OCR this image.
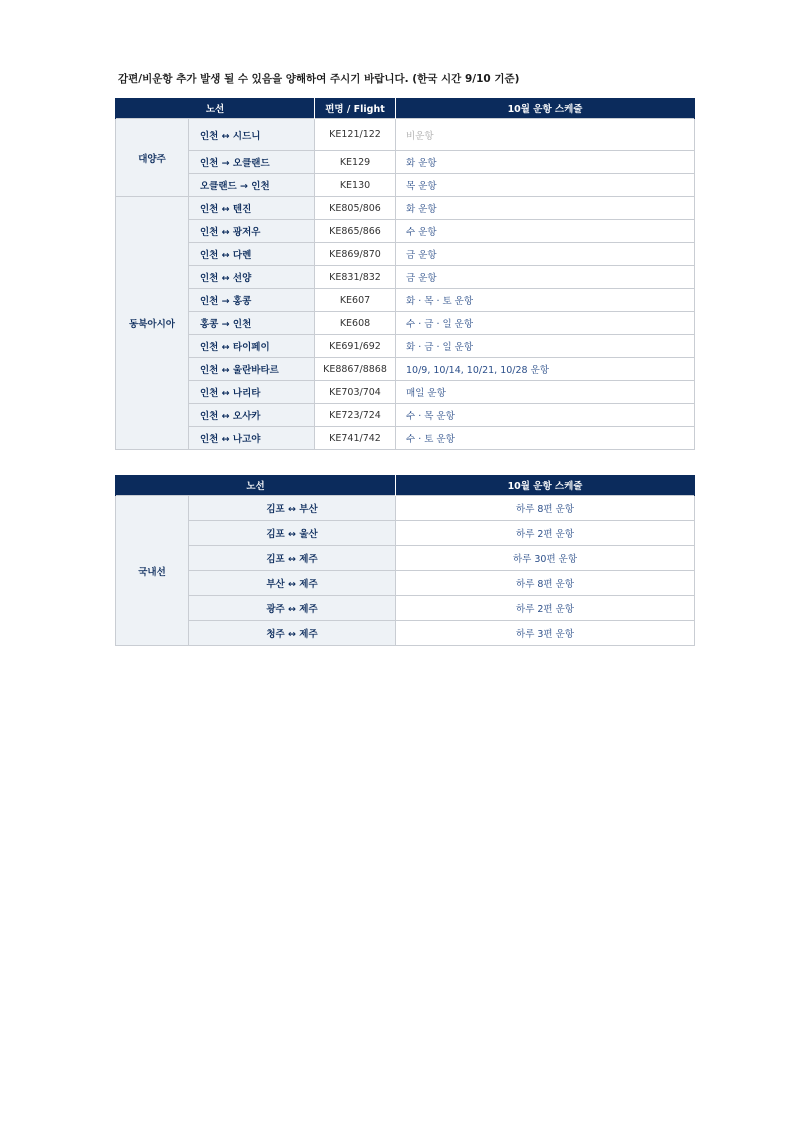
감편/비운항 추가 발생 될 수 있음을 양해하여 주시기 바랍니다. (한국 시간 9/10 기준)
노선		편명 / Flight	10월 운항 스케줄
대양주	인천 ↔ 시드니	KE121/122	비운항
	인천 → 오클랜드	KE129	화 운항
	오클랜드 → 인천	KE130	목 운항
동북아시아	인천 ↔ 텐진	KE805/806	화 운항
	인천 ↔ 광저우	KE865/866	수 운항
	인천 ↔ 다롄	KE869/870	금 운항
	인천 ↔ 선양	KE831/832	금 운항
	인천 → 홍콩	KE607	화 · 목 · 토 운항
	홍콩 → 인천	KE608	수 · 금 · 일 운항
	인천 ↔ 타이페이	KE691/692	화 · 금 · 일 운항
	인천 ↔ 울란바타르	KE8867/8868	10/9, 10/14, 10/21, 10/28 운항
	인천 ↔ 나리타	KE703/704	매일 운항
	인천 ↔ 오사카	KE723/724	수 · 목 운항
	인천 ↔ 나고야	KE741/742	수 · 토 운항
노선		10월 운항 스케줄
국내선	김포 ↔ 부산	하루 8편 운항
	김포 ↔ 울산	하루 2편 운항
	김포 ↔ 제주	하루 30편 운항
	부산 ↔ 제주	하루 8편 운항
	광주 ↔ 제주	하루 2편 운항
	청주 ↔ 제주	하루 3편 운항
